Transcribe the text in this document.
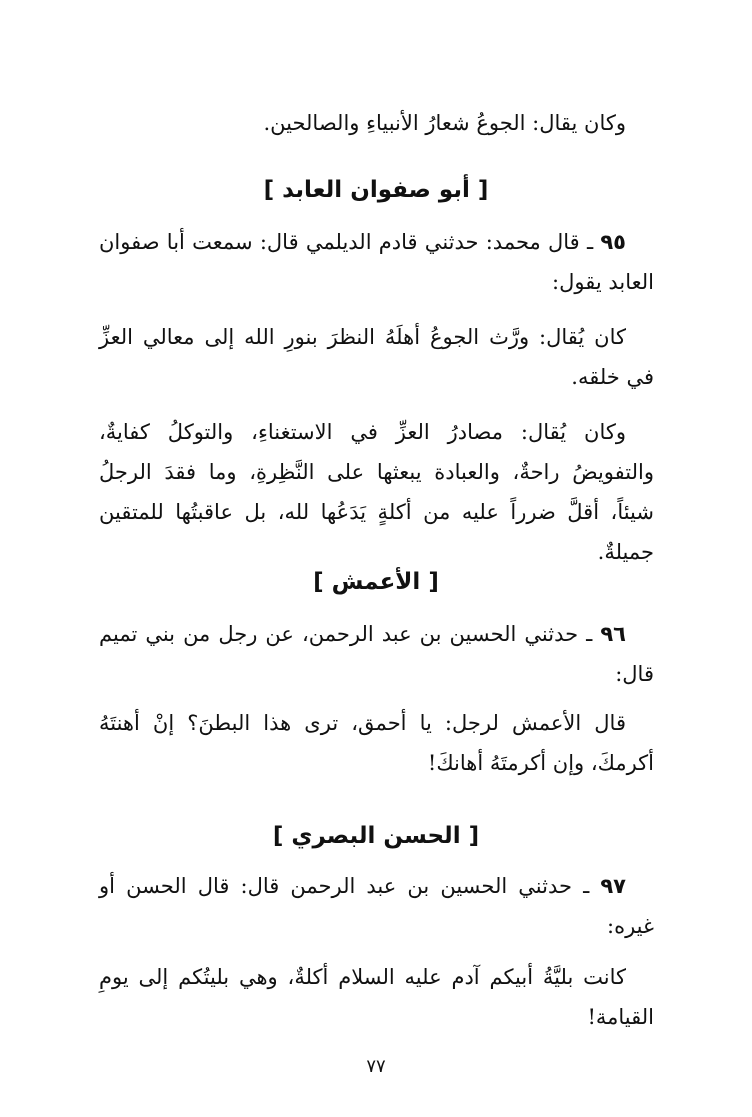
وكان يقال: الجوعُ شعارُ الأنبياءِ والصالحين.

[ أبو صفوان العابد ]

٩٥ ـ قال محمد: حدثني قادم الديلمي قال: سمعت أبا صفوان العابد يقول:

كان يُقال: ورَّث الجوعُ أهلَهُ النظرَ بنورِ الله إلى معالي العزِّ في خلقه.

وكان يُقال: مصادرُ العزِّ في الاستغناءِ، والتوكلُ كفايةٌ، والتفويضُ راحةٌ، والعبادة يبعثها على النَّظِرةِ، وما فقدَ الرجلُ شيئاً، أقلَّ ضرراً عليه من أكلةٍ يَدَعُها لله، بل عاقبتُها للمتقين جميلةٌ.

[ الأعمش ]

٩٦ ـ حدثني الحسين بن عبد الرحمن، عن رجل من بني تميم قال:

قال الأعمش لرجل: يا أحمق، ترى هذا البطنَ؟ إنْ أهنتَهُ أكرمكَ، وإن أكرمتَهُ أهانكَ!

[ الحسن البصري ]

٩٧ ـ حدثني الحسين بن عبد الرحمن قال: قال الحسن أو غيره:

كانت بليَّةُ أبيكم آدم عليه السلام أكلةٌ، وهي بليتُكم إلى يومِ القيامة!

٧٧
